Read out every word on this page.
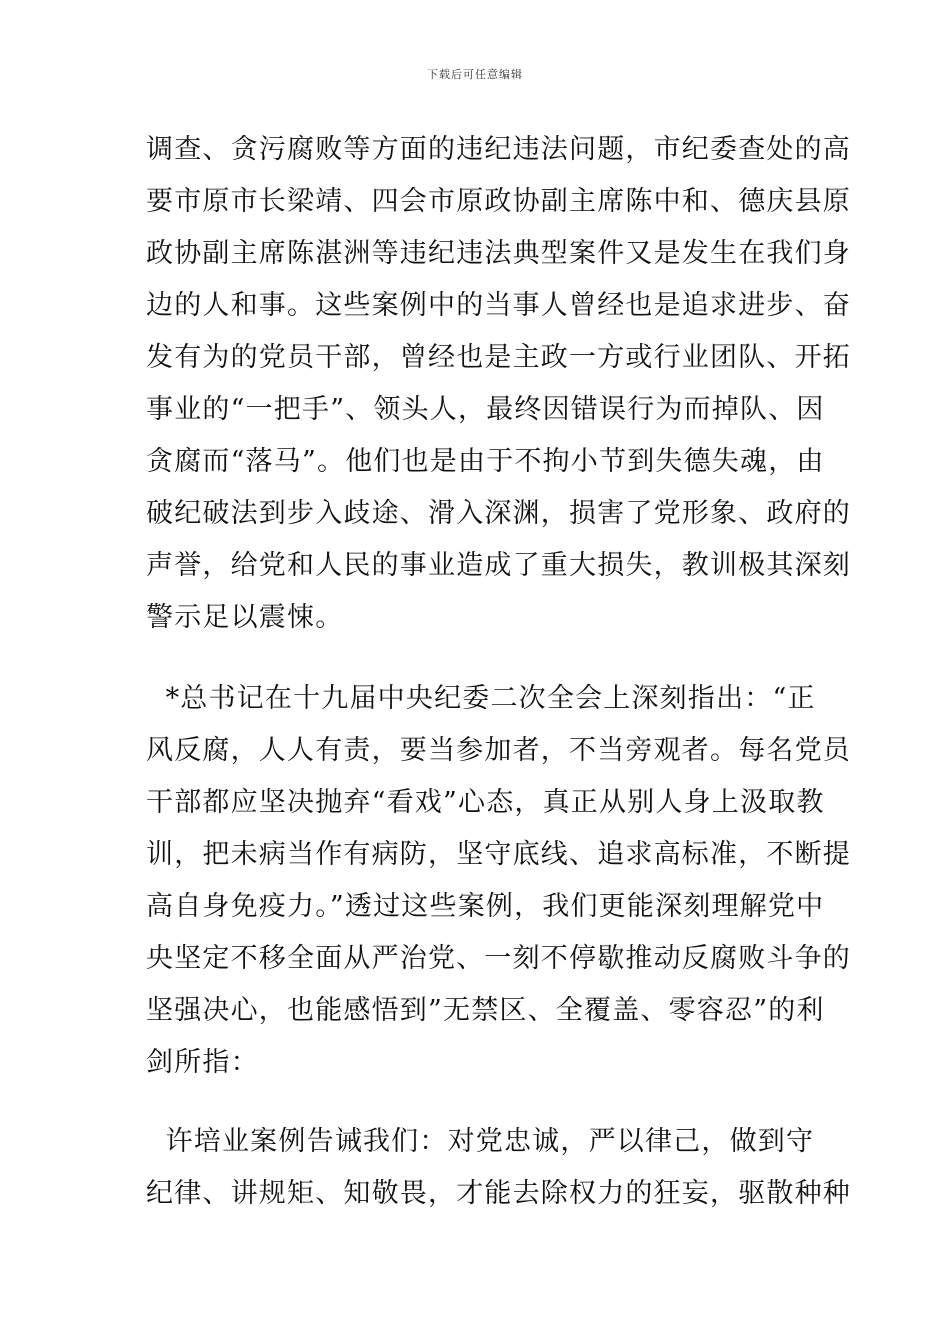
下载后可任意编辑
调查、贪污腐败等方面的违纪违法问题，市纪委查处的高
要市原市长梁靖、四会市原政协副主席陈中和、德庆县原
政协副主席陈湛洲等违纪违法典型案件又是发生在我们身
边的人和事。这些案例中的当事人曾经也是追求进步、奋
发有为的党员干部，曾经也是主政一方或行业团队、开拓
事业的“一把手”、领头人，最终因错误行为而掉队、因
贪腐而“落马”。他们也是由于不拘小节到失德失魂，由
破纪破法到步入歧途、滑入深渊，损害了党形象、政府的
声誉，给党和人民的事业造成了重大损失，教训极其深刻
警示足以震悚。
*总书记在十九届中央纪委二次全会上深刻指出：“正
风反腐，人人有责，要当参加者，不当旁观者。每名党员
干部都应坚决抛弃“看戏”心态，真正从别人身上汲取教
训，把未病当作有病防，坚守底线、追求高标准，不断提
高自身免疫力。”透过这些案例，我们更能深刻理解党中
央坚定不移全面从严治党、一刻不停歇推动反腐败斗争的
坚强决心，也能感悟到”无禁区、全覆盖、零容忍”的利
剑所指：
许培业案例告诫我们：对党忠诚，严以律己，做到守
纪律、讲规矩、知敬畏，才能去除权力的狂妄，驱散种种
